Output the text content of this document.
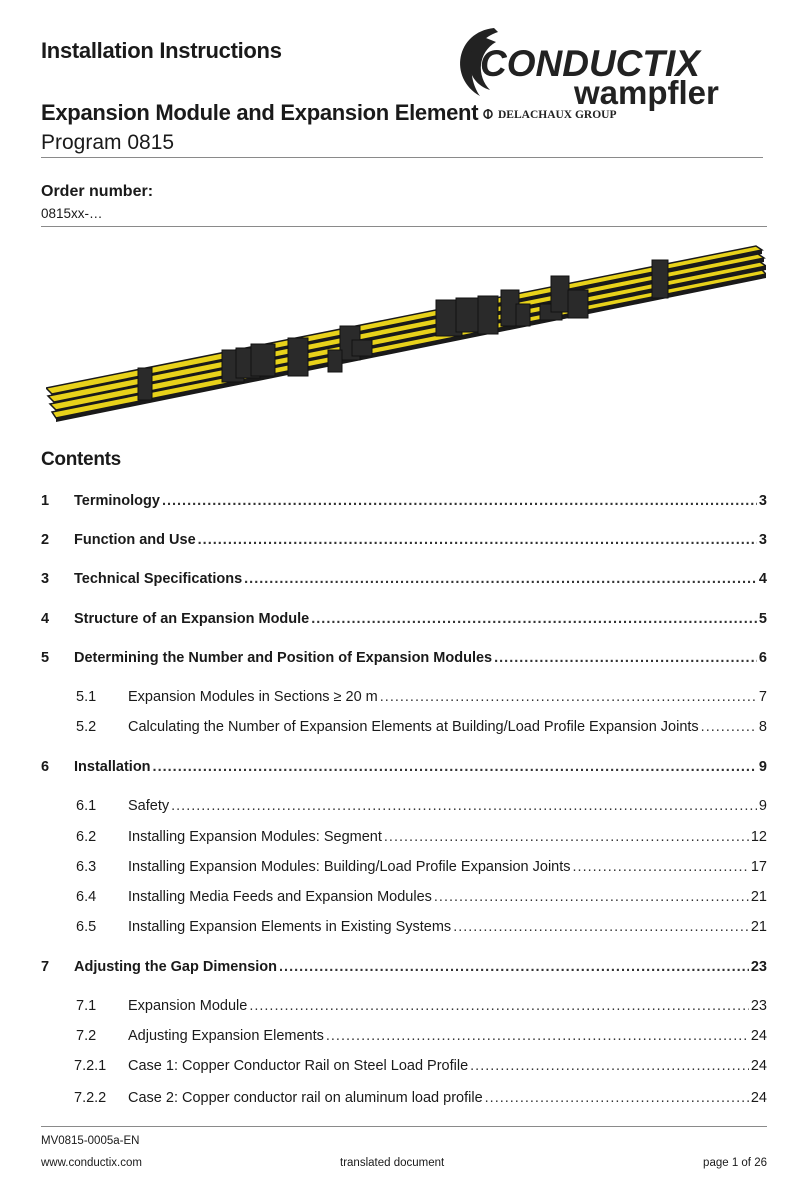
Installation Instructions
Expansion Module and Expansion Element
Program 0815
CONDUCTIX
wampfler
DELACHAUX GROUP
Order number:
0815xx-…
Contents
1	Terminology .....	3
2	Function and Use .....	3
3	Technical Specifications .....	4
4	Structure of an Expansion Module .....	5
5	Determining the Number and Position of Expansion Modules .....	6
5.1	Expansion Modules in Sections ≥ 20 m .....	7
5.2	Calculating the Number of Expansion Elements at Building/Load Profile Expansion Joints .....	8
6	Installation .....	9
6.1	Safety .....	9
6.2	Installing Expansion Modules: Segment .....	12
6.3	Installing Expansion Modules: Building/Load Profile Expansion Joints .....	17
6.4	Installing Media Feeds and Expansion Modules .....	21
6.5	Installing Expansion Elements in Existing Systems .....	21
7	Adjusting the Gap Dimension .....	23
7.1	Expansion Module .....	23
7.2	Adjusting Expansion Elements .....	24
7.2.1	Case 1: Copper Conductor Rail on Steel Load Profile .....	24
7.2.2	Case 2: Copper conductor rail on aluminum load profile .....	24
MV0815-0005a-EN
www.conductix.com	translated document	page 1 of 26
